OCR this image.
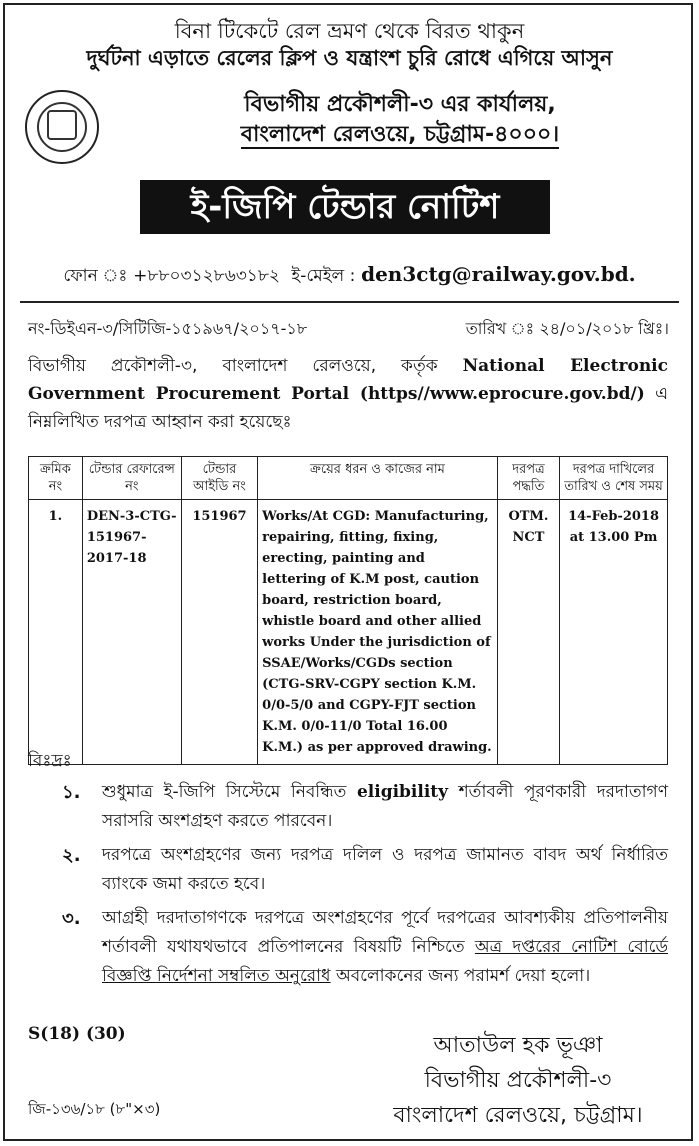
বিনা টিকেটে রেল ভ্রমণ থেকে বিরত থাকুন
দুর্ঘটনা এড়াতে রেলের ক্লিপ ও যন্ত্রাংশ চুরি রোধে এগিয়ে আসুন
বিভাগীয় প্রকৌশলী-৩ এর কার্যালয়,
বাংলাদেশ রেলওয়ে, চট্টগ্রাম-৪০০০।
ই-জিপি টেন্ডার নোটিশ
ফোন ঃ +৮৮০৩১২৮৬৩১৮২ ই-মেইল : den3ctg@railway.gov.bd.
নং-ডিইএন-৩/সিটিজি-১৫১৯৬৭/২০১৭-১৮	তারিখ ঃ ২৪/০১/২০১৮ খ্রিঃ।
বিভাগীয় প্রকৌশলী-৩, বাংলাদেশ রেলওয়ে, কর্তৃক National Electronic Government Procurement Portal (https//www.eprocure.gov.bd/) এ নিম্নলিখিত দরপত্র আহ্বান করা হয়েছেঃ
ক্রমিক নং	টেন্ডার রেফারেন্স নং	টেন্ডার আইডি নং	ক্রয়ের ধরন ও কাজের নাম	দরপত্র পদ্ধতি	দরপত্র দাখিলের তারিখ ও শেষ সময়
1.	DEN-3-CTG-151967-2017-18	151967	Works/At CGD: Manufacturing, repairing, fitting, fixing, erecting, painting and lettering of K.M post, caution board, restriction board, whistle board and other allied works Under the jurisdiction of SSAE/Works/CGDs section (CTG-SRV-CGPY section K.M. 0/0-5/0 and CGPY-FJT section K.M. 0/0-11/0 Total 16.00 K.M.) as per approved drawing.	OTM. NCT	14-Feb-2018 at 13.00 Pm
বিঃদ্রঃ
১. শুধুমাত্র ই-জিপি সিস্টেমে নিবন্ধিত eligibility শর্তাবলী পূরণকারী দরদাতাগণ সরাসরি অংশগ্রহণ করতে পারবেন।
২. দরপত্রে অংশগ্রহণের জন্য দরপত্র দলিল ও দরপত্র জামানত বাবদ অর্থ নির্ধারিত ব্যাংকে জমা করতে হবে।
৩. আগ্রহী দরদাতাগণকে দরপত্রে অংশগ্রহণের পূর্বে দরপত্রের আবশ্যকীয় প্রতিপালনীয় শর্তাবলী যথাযথভাবে প্রতিপালনের বিষয়টি নিশ্চিতে অত্র দপ্তরের নোটিশ বোর্ডে বিজ্ঞপ্তি নির্দেশনা সম্বলিত অনুরোধ অবলোকনের জন্য পরামর্শ দেয়া হলো।
S(18) (30)	আতাউল হক ভূঞা
বিভাগীয় প্রকৌশলী-৩
বাংলাদেশ রেলওয়ে, চট্টগ্রাম।
জি-১৩৬/১৮ (৮"×৩)
